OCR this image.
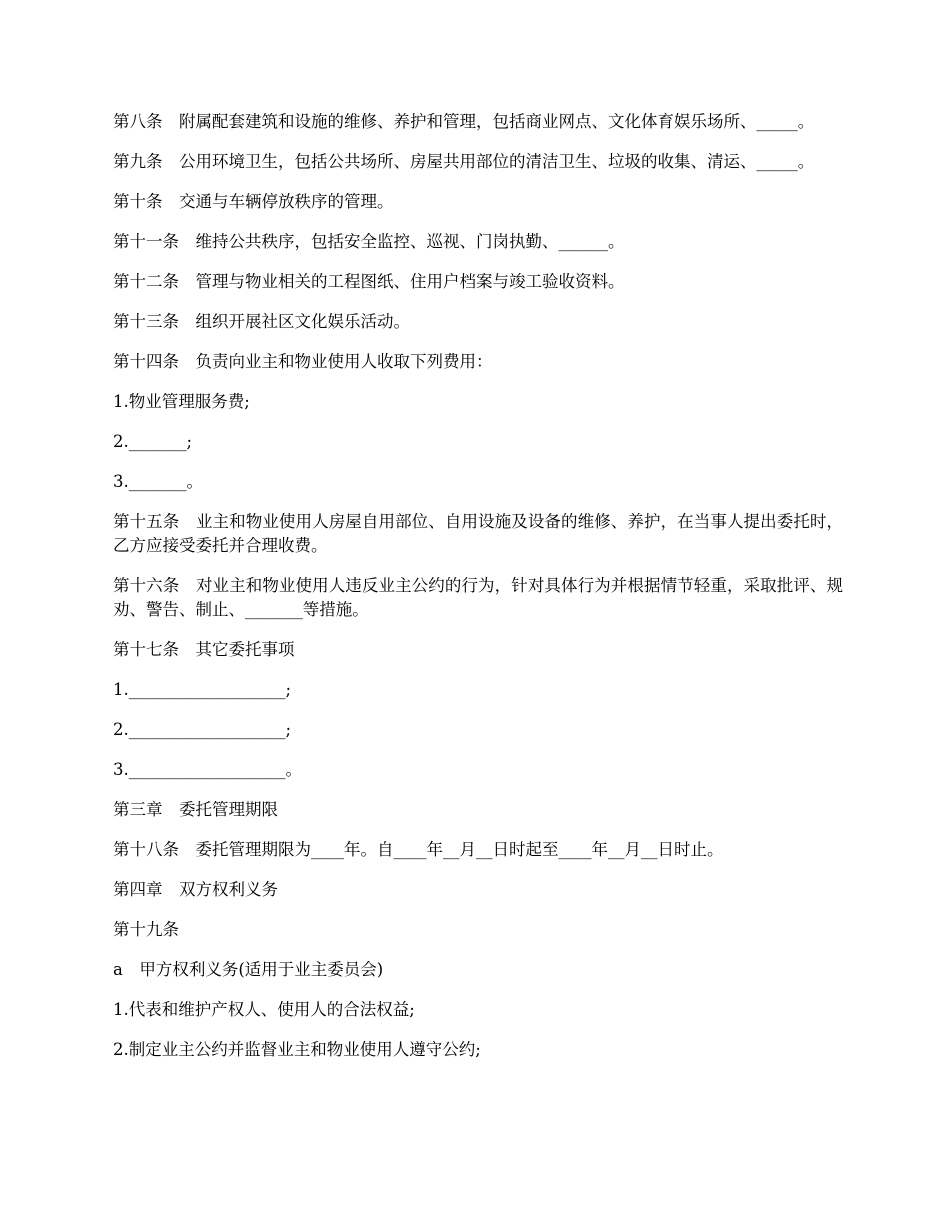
第八条　附属配套建筑和设施的维修、养护和管理，包括商业网点、文化体育娱乐场所、_____。

第九条　公用环境卫生，包括公共场所、房屋共用部位的清洁卫生、垃圾的收集、清运、_____。

第十条　交通与车辆停放秩序的管理。

第十一条　维持公共秩序，包括安全监控、巡视、门岗执勤、______。

第十二条　管理与物业相关的工程图纸、住用户档案与竣工验收资料。

第十三条　组织开展社区文化娱乐活动。

第十四条　负责向业主和物业使用人收取下列费用：

1.物业管理服务费;

2._______;

3._______。

第十五条　业主和物业使用人房屋自用部位、自用设施及设备的维修、养护，在当事人提出委托时，乙方应接受委托并合理收费。

第十六条　对业主和物业使用人违反业主公约的行为，针对具体行为并根据情节轻重，采取批评、规劝、警告、制止、_______等措施。

第十七条　其它委托事项

1.___________________;

2.___________________;

3.___________________。

第三章　委托管理期限

第十八条　委托管理期限为____年。自____年__月__日时起至____年__月__日时止。

第四章　双方权利义务

第十九条

a　甲方权利义务(适用于业主委员会)

1.代表和维护产权人、使用人的合法权益;

2.制定业主公约并监督业主和物业使用人遵守公约;
